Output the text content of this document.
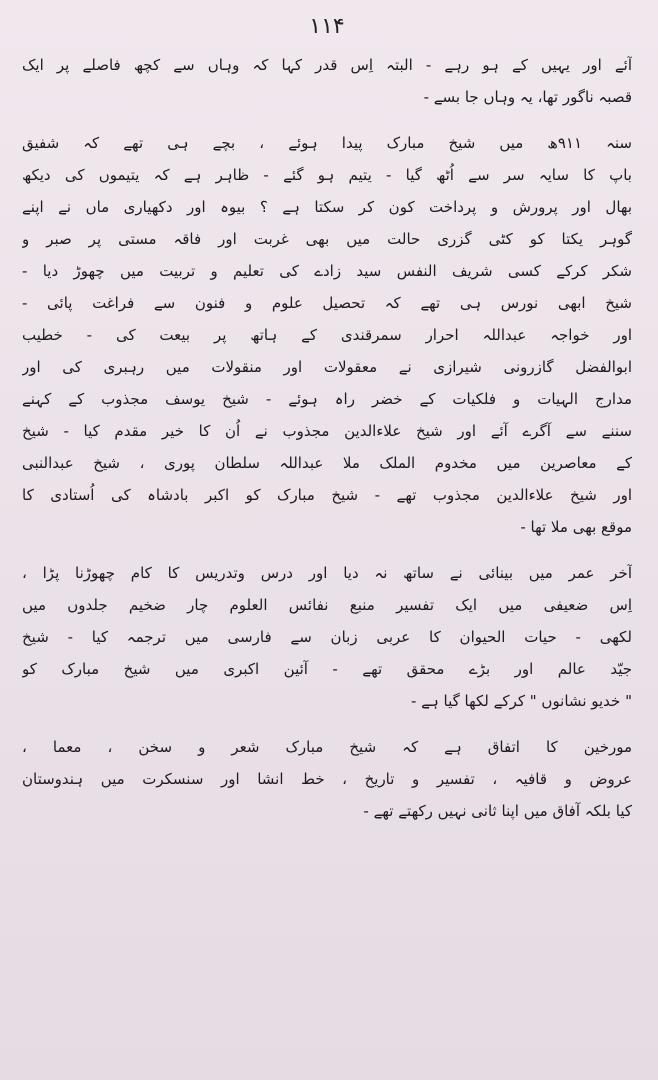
۱۱۴
آئے اور یہیں کے ہو رہے - البتہ اِس قدر کہا کہ وہاں سے کچھ فاصلے پر ایک
قصبہ ناگور تھا، یہ وہاں جا بسے -
سنہ ۹۱۱ھ میں شیخ مبارک پیدا ہوئے ، بچے ہی تھے کہ شفیق
باپ کا سایہ سر سے اُٹھ گیا - یتیم ہو گئے - ظاہر ہے کہ یتیموں کی دیکھ
بھال اور پرورش و پرداخت کون کر سکتا ہے ؟ بیوہ اور دکھیاری ماں نے اپنے
گوہر یکتا کو کٹی گزری حالت میں بھی غربت اور فاقہ مستی پر صبر و
شکر کرکے کسی شریف النفس سید زادے کی تعلیم و تربیت میں چھوڑ دیا -
شیخ ابھی نورس ہی تھے کہ تحصیل علوم و فنون سے فراغت پائی -
اور خواجہ عبداللہ احرار سمرقندی کے ہاتھ پر بیعت کی - خطیب
ابوالفضل گازرونی شیرازی نے معقولات اور منقولات میں رہبری کی اور
مدارج الہیات و فلکیات کے خضر راہ ہوئے - شیخ یوسف مجذوب کے کہنے
سننے سے آگرے آئے اور شیخ علاءالدین مجذوب نے اُن کا خیر مقدم کیا - شیخ
کے معاصرین میں مخدوم الملک ملا عبداللہ سلطان پوری ، شیخ عبدالنبی
اور شیخ علاءالدین مجذوب تھے - شیخ مبارک کو اکبر بادشاہ کی اُستادی کا
موقع بھی ملا تھا -
آخر عمر میں بینائی نے ساتھ نہ دیا اور درس وتدریس کا کام چھوڑنا پڑا ،
اِس ضعیفی میں ایک تفسیر منبع نفائس العلوم چار ضخیم جلدوں میں
لکھی - حیات الحیوان کا عربی زبان سے فارسی میں ترجمہ کیا - شیخ
جیّد عالم اور بڑے محقق تھے - آئین اکبری میں شیخ مبارک کو
" خدیو نشانوں " کرکے لکھا گیا ہے -
مورخین کا اتفاق ہے کہ شیخ مبارک شعر و سخن ، معما ،
عروض و قافیہ ، تفسیر و تاریخ ، خط انشا اور سنسکرت میں ہندوستان
کیا بلکہ آفاق میں اپنا ثانی نہیں رکھتے تھے -
